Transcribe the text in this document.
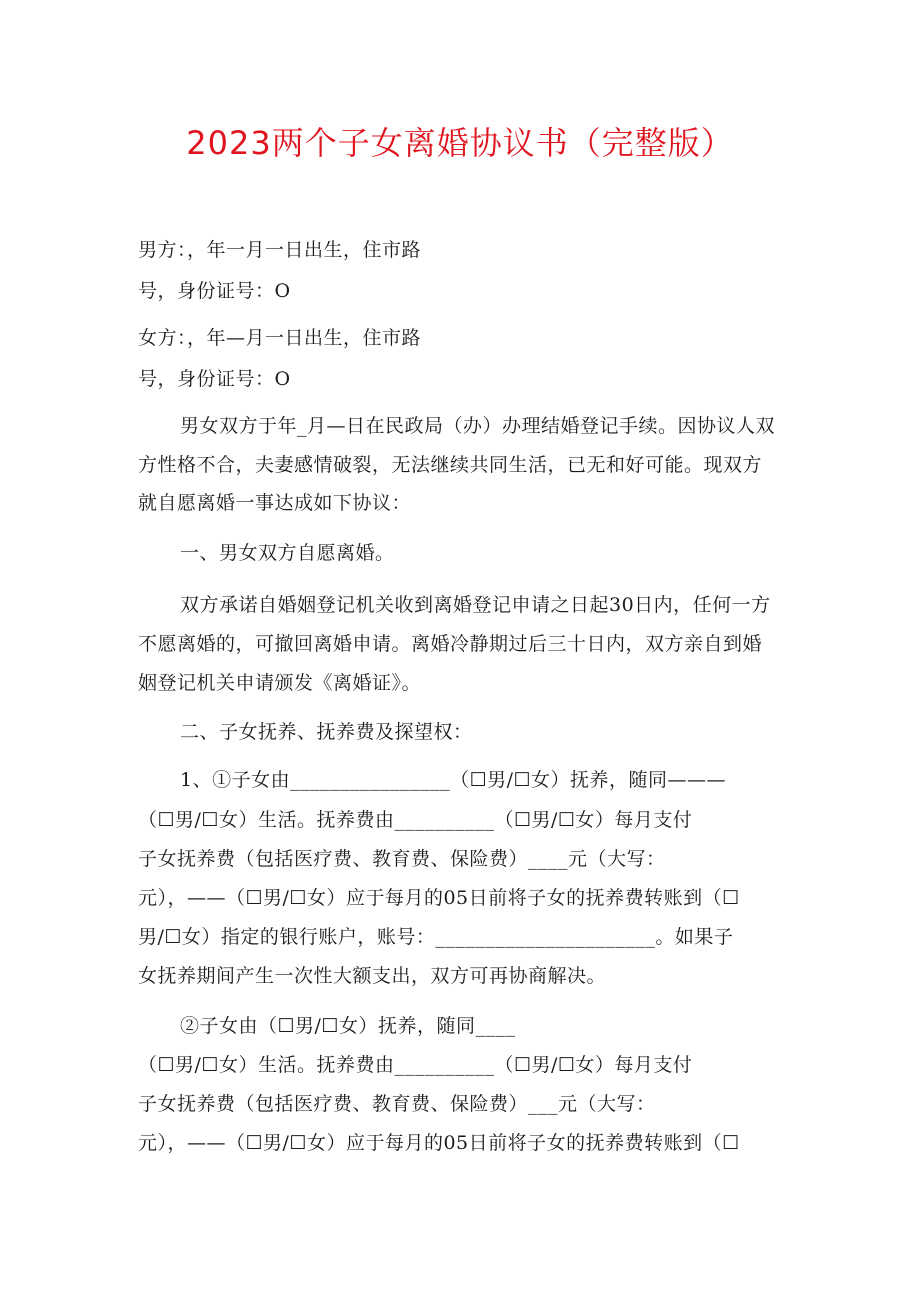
2023两个子女离婚协议书（完整版）
男方：，年一月一日出生，住市路
号，身份证号：O
女方：，年—月一日出生，住市路
号，身份证号：O
男女双方于年_月—日在民政局（办）办理结婚登记手续。因协议人双
方性格不合，夫妻感情破裂，无法继续共同生活，已无和好可能。现双方
就自愿离婚一事达成如下协议：
一、男女双方自愿离婚。
双方承诺自婚姻登记机关收到离婚登记申请之日起30日内，任何一方
不愿离婚的，可撤回离婚申请。离婚冷静期过后三十日内，双方亲自到婚
姻登记机关申请颁发《离婚证》。
二、子女抚养、抚养费及探望权：
1、①子女由________________（☐男/☐女）抚养，随同———
（☐男/☐女）生活。抚养费由__________（☐男/☐女）每月支付
子女抚养费（包括医疗费、教育费、保险费）____元（大写：
元），——（☐男/☐女）应于每月的05日前将子女的抚养费转账到（☐
男/☐女）指定的银行账户，账号：______________________。如果子
女抚养期间产生一次性大额支出，双方可再协商解决。
②子女由（☐男/☐女）抚养，随同____
（☐男/☐女）生活。抚养费由__________（☐男/☐女）每月支付
子女抚养费（包括医疗费、教育费、保险费）___元（大写：
元），——（☐男/☐女）应于每月的05日前将子女的抚养费转账到（☐
